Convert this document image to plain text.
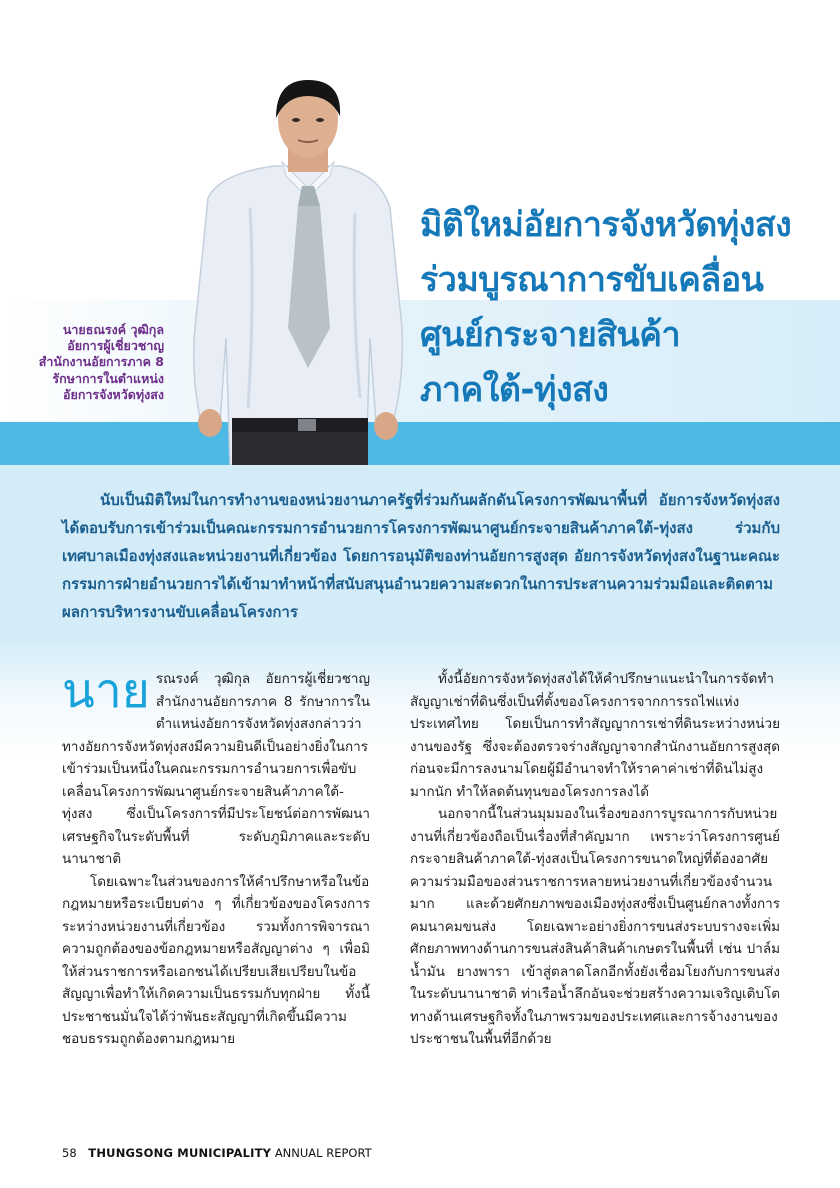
นายธณรงค์ วุฒิกุล
อัยการผู้เชี่ยวชาญ
สำนักงานอัยการภาค 8
รักษาการในตำแหน่ง
อัยการจังหวัดทุ่งสง
มิติใหม่อัยการจังหวัดทุ่งสง
ร่วมบูรณาการขับเคลื่อน
ศูนย์กระจายสินค้า
ภาคใต้-ทุ่งสง
นับเป็นมิติใหม่ในการทำงานของหน่วยงานภาครัฐที่ร่วมกันผลักดันโครงการพัฒนาพื้นที่ อัยการจังหวัดทุ่งสงได้ตอบรับการเข้าร่วมเป็นคณะกรรมการอำนวยการโครงการพัฒนาศูนย์กระจายสินค้าภาคใต้-ทุ่งสง ร่วมกับเทศบาลเมืองทุ่งสงและหน่วยงานที่เกี่ยวข้อง โดยการอนุมัติของท่านอัยการสูงสุด อัยการจังหวัดทุ่งสงในฐานะคณะกรรมการฝ่ายอำนวยการได้เข้ามาทำหน้าที่สนับสนุนอำนวยความสะดวกในการประสานความร่วมมือและติดตามผลการบริหารงานขับเคลื่อนโครงการ

นาย รณรงค์ วุฒิกุล อัยการผู้เชี่ยวชาญ สำนักงานอัยการภาค 8 รักษาการในตำแหน่งอัยการจังหวัดทุ่งสงกล่าวว่าทางอัยการจังหวัดทุ่งสงมีความยินดีเป็นอย่างยิ่งในการเข้าร่วมเป็นหนึ่งในคณะกรรมการอำนวยการเพื่อขับเคลื่อนโครงการพัฒนาศูนย์กระจายสินค้าภาคใต้-ทุ่งสง ซึ่งเป็นโครงการที่มีประโยชน์ต่อการพัฒนาเศรษฐกิจในระดับพื้นที่ ระดับภูมิภาคและระดับนานาชาติ

โดยเฉพาะในส่วนของการให้คำปรึกษาหรือในข้อกฎหมายหรือระเบียบต่าง ๆ ที่เกี่ยวข้องของโครงการระหว่างหน่วยงานที่เกี่ยวข้อง รวมทั้งการพิจารณาความถูกต้องของข้อกฎหมายหรือสัญญาต่าง ๆ เพื่อมิให้ส่วนราชการหรือเอกชนได้เปรียบเสียเปรียบในข้อสัญญาเพื่อทำให้เกิดความเป็นธรรมกับทุกฝ่าย ทั้งนี้ประชาชนมั่นใจได้ว่าพันธะสัญญาที่เกิดขึ้นมีความชอบธรรมถูกต้องตามกฎหมาย

ทั้งนี้อัยการจังหวัดทุ่งสงได้ให้คำปรึกษาแนะนำในการจัดทำสัญญาเช่าที่ดินซึ่งเป็นที่ตั้งของโครงการจากการรถไฟแห่งประเทศไทย โดยเป็นการทำสัญญาการเช่าที่ดินระหว่างหน่วยงานของรัฐ ซึ่งจะต้องตรวจร่างสัญญาจากสำนักงานอัยการสูงสุดก่อนจะมีการลงนามโดยผู้มีอำนาจทำให้ราคาค่าเช่าที่ดินไม่สูงมากนัก ทำให้ลดต้นทุนของโครงการลงได้

นอกจากนี้ในส่วนมุมมองในเรื่องของการบูรณาการกับหน่วยงานที่เกี่ยวข้องถือเป็นเรื่องที่สำคัญมาก เพราะว่าโครงการศูนย์กระจายสินค้าภาคใต้-ทุ่งสงเป็นโครงการขนาดใหญ่ที่ต้องอาศัยความร่วมมือของส่วนราชการหลายหน่วยงานที่เกี่ยวข้องจำนวนมาก และด้วยศักยภาพของเมืองทุ่งสงซึ่งเป็นศูนย์กลางทั้งการคมนาคมขนส่ง โดยเฉพาะอย่างยิ่งการขนส่งระบบรางจะเพิ่มศักยภาพทางด้านการขนส่งสินค้าสินค้าเกษตรในพื้นที่ เช่น ปาล์มน้ำมัน ยางพารา เข้าสู่ตลาดโลกอีกทั้งยังเชื่อมโยงกับการขนส่งในระดับนานาชาติ ท่าเรือน้ำลึกอันจะช่วยสร้างความเจริญเติบโต ทางด้านเศรษฐกิจทั้งในภาพรวมของประเทศและการจ้างงานของประชาชนในพื้นที่อีกด้วย

58 THUNGSONG MUNICIPALITY ANNUAL REPORT
